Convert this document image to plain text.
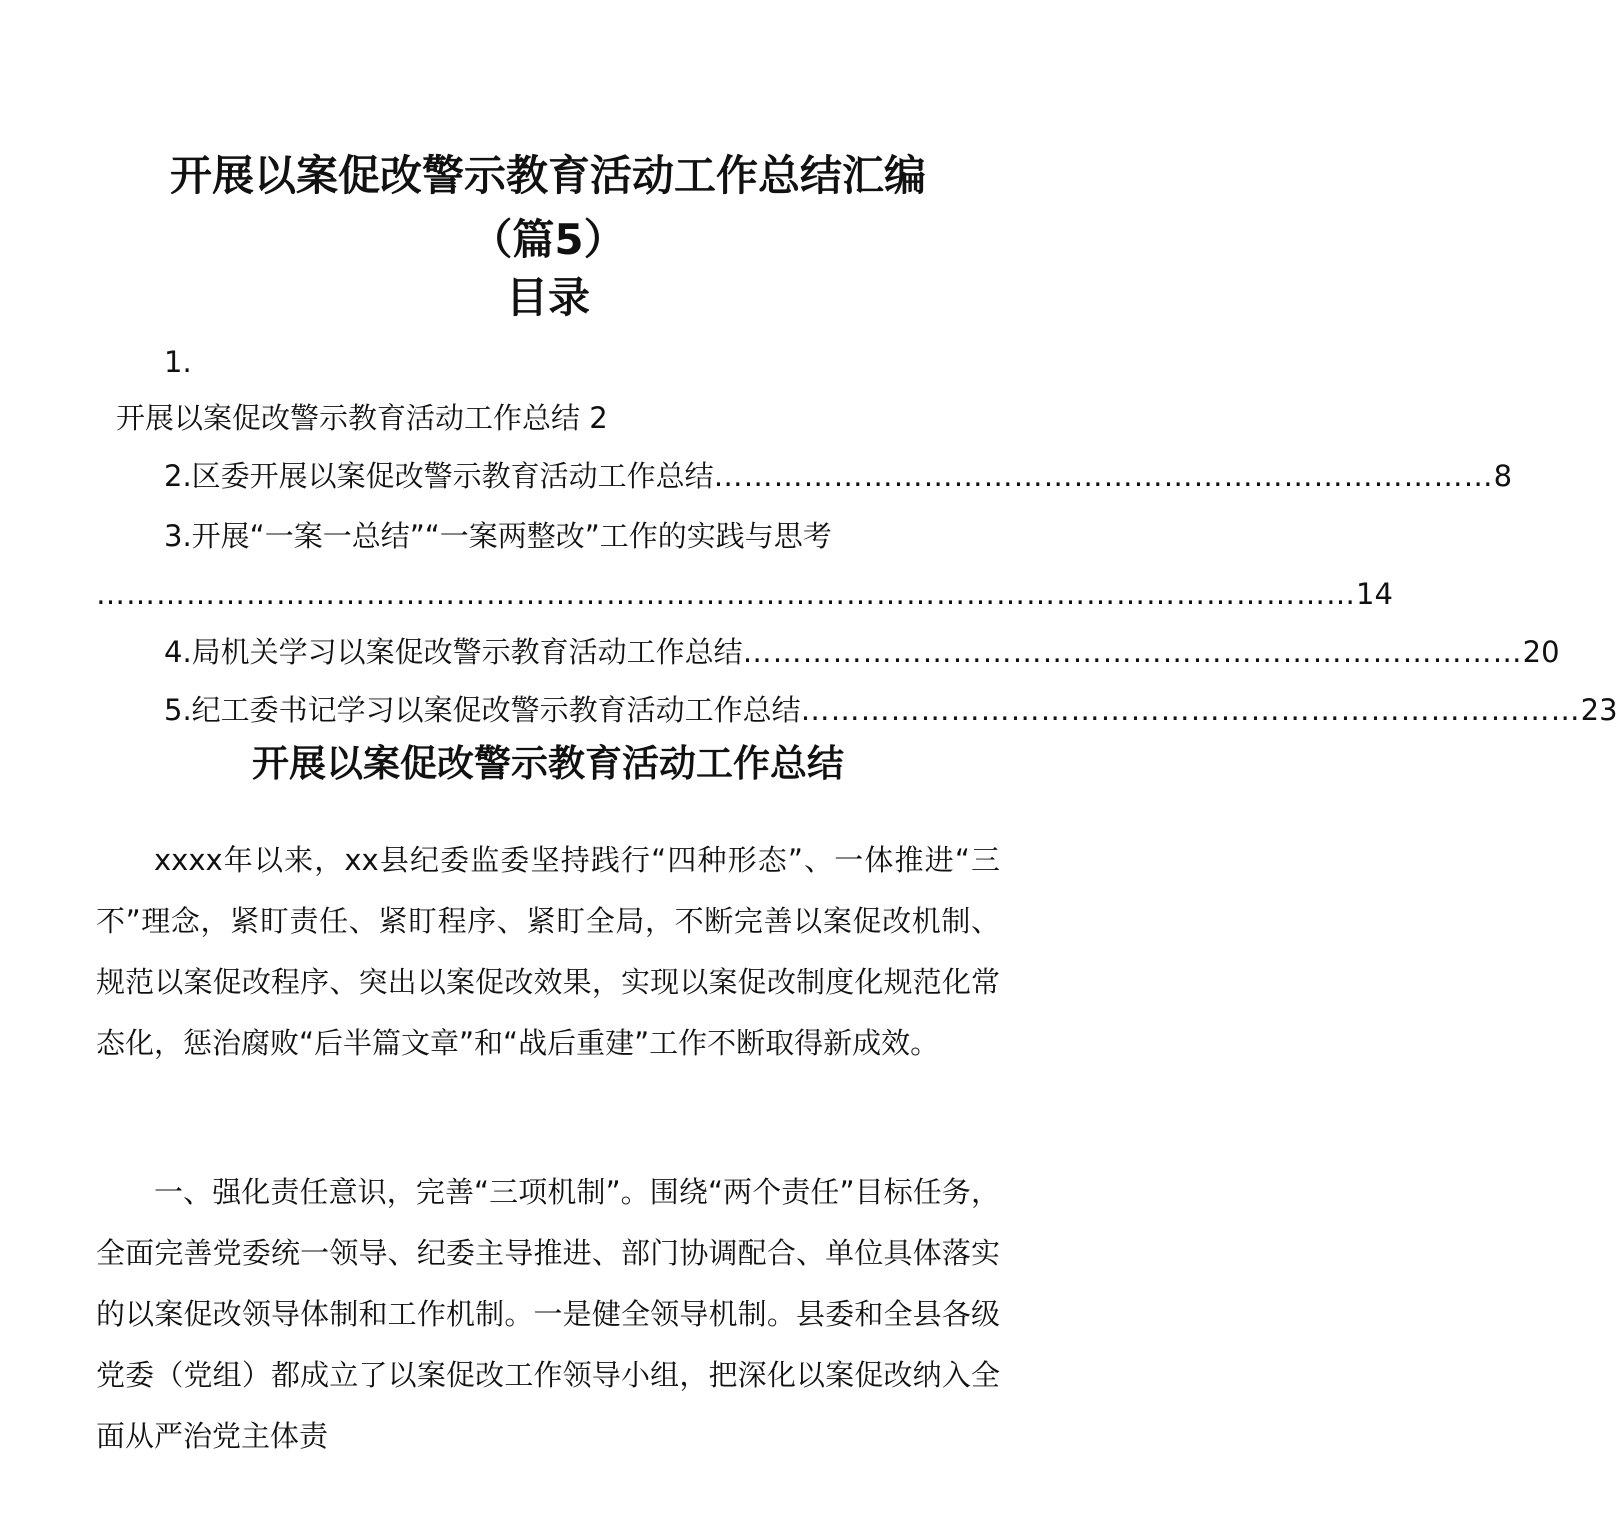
开展以案促改警示教育活动工作总结汇编
（篇5）
目录
1.
开展以案促改警示教育活动工作总结 2
2.区委开展以案促改警示教育活动工作总结 …………………………………………………………………… 8
3.开展“一案一总结”“一案两整改”工作的实践与思考
……………………………………………………………………………………………………………… 14
4.局机关学习以案促改警示教育活动工作总结 …………………………………………………………………… 20
5.纪工委书记学习以案促改警示教育活动工作总结 …………………………………………………………………… 23
开展以案促改警示教育活动工作总结

xxxx年以来，xx县纪委监委坚持践行“四种形态”、一体推进“三不”理念，紧盯责任、紧盯程序、紧盯全局，不断完善以案促改机制、规范以案促改程序、突出以案促改效果，实现以案促改制度化规范化常态化，惩治腐败“后半篇文章”和“战后重建”工作不断取得新成效。

一、强化责任意识，完善“三项机制”。围绕“两个责任”目标任务，全面完善党委统一领导、纪委主导推进、部门协调配合、单位具体落实的以案促改领导体制和工作机制。一是健全领导机制。县委和全县各级党委（党组）都成立了以案促改工作领导小组，把深化以案促改纳入全面从严治党主体责
